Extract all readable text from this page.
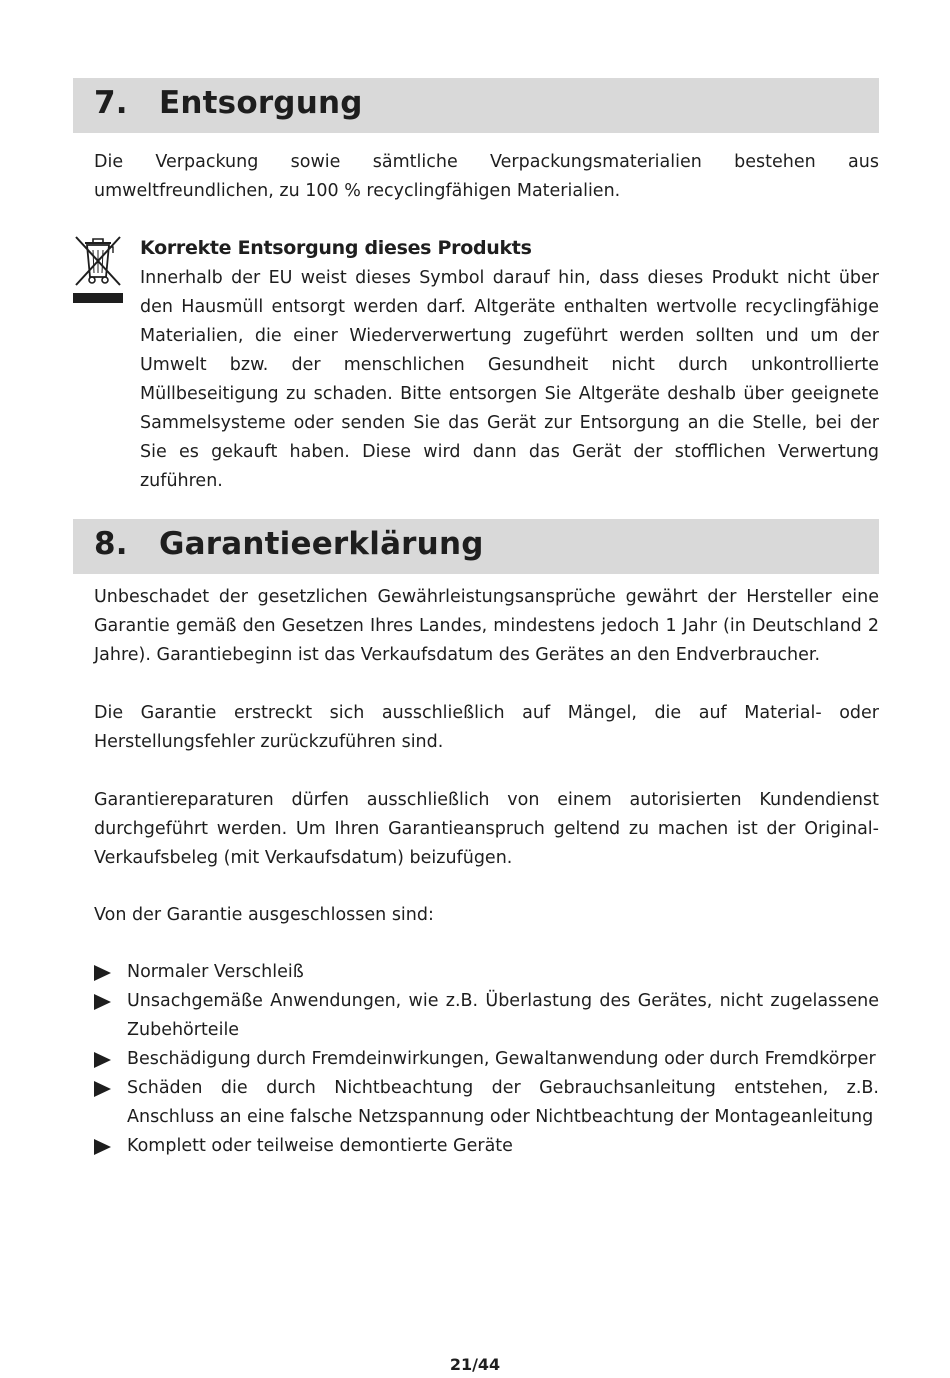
7. Entsorgung

Die Verpackung sowie sämtliche Verpackungsmaterialien bestehen aus umweltfreundlichen, zu 100 % recyclingfähigen Materialien.

Korrekte Entsorgung dieses Produkts

Innerhalb der EU weist dieses Symbol darauf hin, dass dieses Produkt nicht über den Hausmüll entsorgt werden darf. Altgeräte enthalten wertvolle recyclingfähige Materialien, die einer Wiederverwertung zugeführt werden sollten und um der Umwelt bzw. der menschlichen Gesundheit nicht durch unkontrollierte Müllbeseitigung zu schaden. Bitte entsorgen Sie Altgeräte deshalb über geeignete Sammelsysteme oder senden Sie das Gerät zur Entsorgung an die Stelle, bei der Sie es gekauft haben. Diese wird dann das Gerät der stofflichen Verwertung zuführen.

8. Garantieerklärung

Unbeschadet der gesetzlichen Gewährleistungsansprüche gewährt der Hersteller eine Garantie gemäß den Gesetzen Ihres Landes, mindestens jedoch 1 Jahr (in Deutschland 2 Jahre). Garantiebeginn ist das Verkaufsdatum des Gerätes an den Endverbraucher.

Die Garantie erstreckt sich ausschließlich auf Mängel, die auf Material- oder Herstellungsfehler zurückzuführen sind.

Garantiereparaturen dürfen ausschließlich von einem autorisierten Kundendienst durchgeführt werden. Um Ihren Garantieanspruch geltend zu machen ist der Original-Verkaufsbeleg (mit Verkaufsdatum) beizufügen.

Von der Garantie ausgeschlossen sind:

Normaler Verschleiß
Unsachgemäße Anwendungen, wie z.B. Überlastung des Gerätes, nicht zugelassene Zubehörteile
Beschädigung durch Fremdeinwirkungen, Gewaltanwendung oder durch Fremdkörper
Schäden die durch Nichtbeachtung der Gebrauchsanleitung entstehen, z.B. Anschluss an eine falsche Netzspannung oder Nichtbeachtung der Montageanleitung
Komplett oder teilweise demontierte Geräte
21/44
